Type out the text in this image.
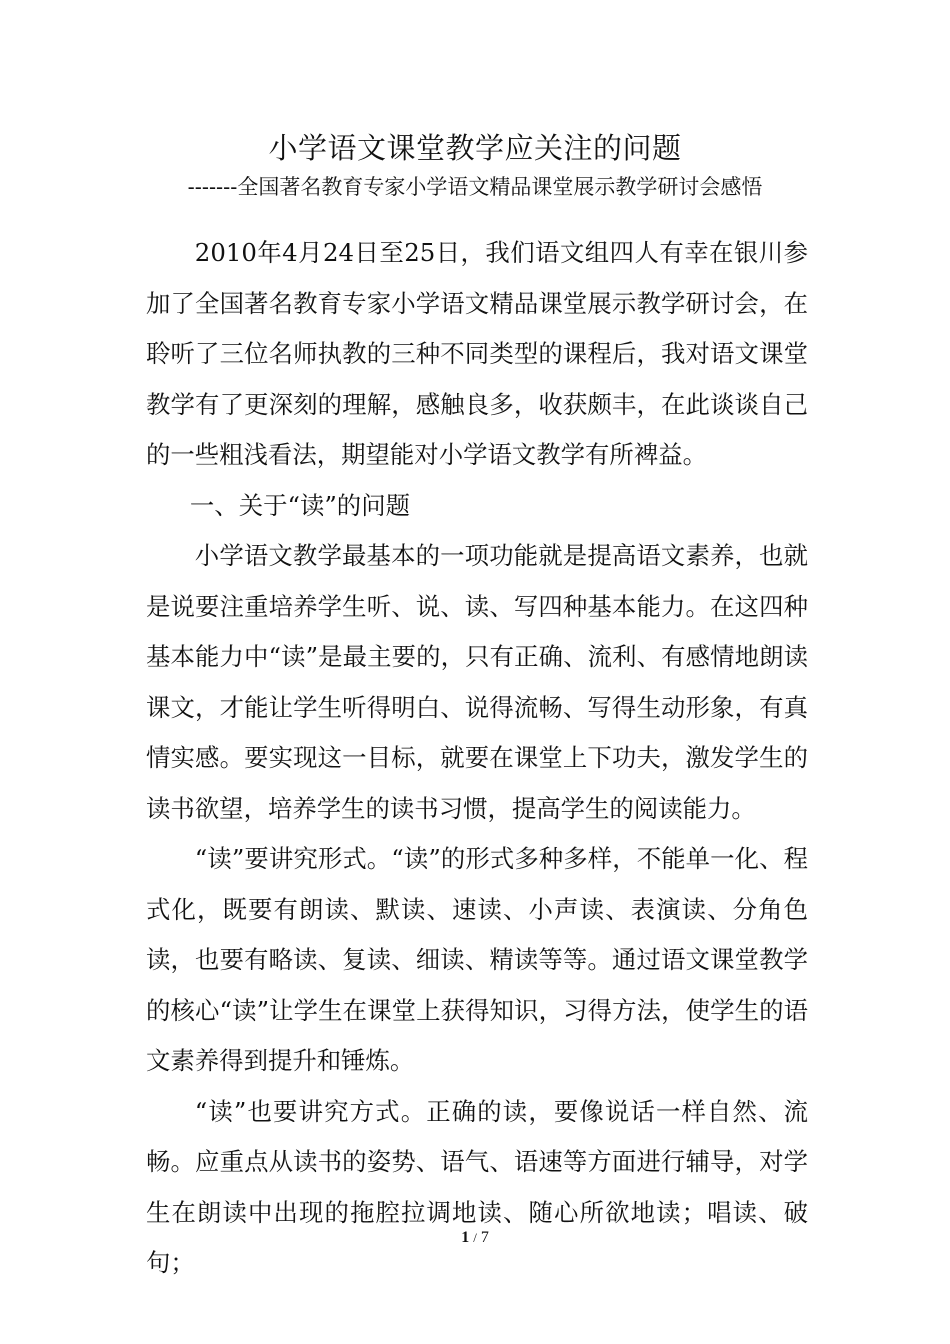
小学语文课堂教学应关注的问题
-------全国著名教育专家小学语文精品课堂展示教学研讨会感悟

2010年4月24日至25日，我们语文组四人有幸在银川参加了全国著名教育专家小学语文精品课堂展示教学研讨会，在聆听了三位名师执教的三种不同类型的课程后，我对语文课堂教学有了更深刻的理解，感触良多，收获颇丰，在此谈谈自己的一些粗浅看法，期望能对小学语文教学有所裨益。

一、关于“读”的问题

小学语文教学最基本的一项功能就是提高语文素养，也就是说要注重培养学生听、说、读、写四种基本能力。在这四种基本能力中“读”是最主要的，只有正确、流利、有感情地朗读课文，才能让学生听得明白、说得流畅、写得生动形象，有真情实感。要实现这一目标，就要在课堂上下功夫，激发学生的读书欲望，培养学生的读书习惯，提高学生的阅读能力。

“读”要讲究形式。“读”的形式多种多样，不能单一化、程式化，既要有朗读、默读、速读、小声读、表演读、分角色读，也要有略读、复读、细读、精读等等。通过语文课堂教学的核心“读”让学生在课堂上获得知识，习得方法，使学生的语文素养得到提升和锤炼。

“读”也要讲究方式。正确的读，要像说话一样自然、流畅。应重点从读书的姿势、语气、语速等方面进行辅导，对学生在朗读中出现的拖腔拉调地读、随心所欲地读；唱读、破句；

1 / 7
